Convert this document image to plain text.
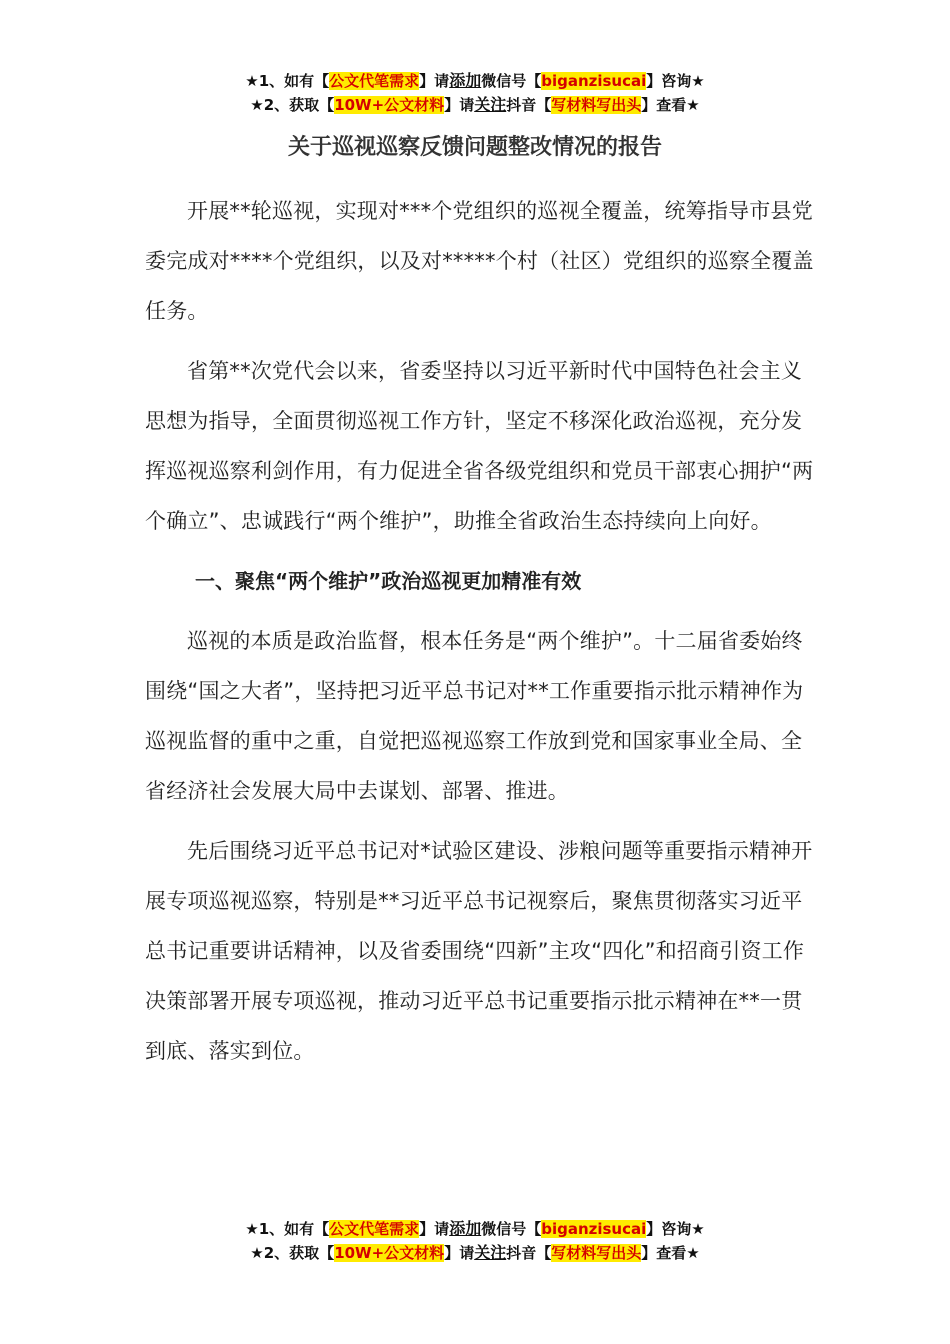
★1、如有【公文代笔需求】请添加微信号【biganzisucai】咨询★
★2、获取【10W+公文材料】请关注抖音【写材料写出头】查看★
关于巡视巡察反馈问题整改情况的报告

开展**轮巡视，实现对***个党组织的巡视全覆盖，统筹指导市县党委完成对****个党组织，以及对*****个村（社区）党组织的巡察全覆盖任务。

省第**次党代会以来，省委坚持以习近平新时代中国特色社会主义思想为指导，全面贯彻巡视工作方针，坚定不移深化政治巡视，充分发挥巡视巡察利剑作用，有力促进全省各级党组织和党员干部衷心拥护“两个确立”、忠诚践行“两个维护”，助推全省政治生态持续向上向好。

一、聚焦“两个维护”政治巡视更加精准有效

巡视的本质是政治监督，根本任务是“两个维护”。十二届省委始终围绕“国之大者”，坚持把习近平总书记对**工作重要指示批示精神作为巡视监督的重中之重，自觉把巡视巡察工作放到党和国家事业全局、全省经济社会发展大局中去谋划、部署、推进。

先后围绕习近平总书记对*试验区建设、涉粮问题等重要指示精神开展专项巡视巡察，特别是**习近平总书记视察后，聚焦贯彻落实习近平总书记重要讲话精神，以及省委围绕“四新”主攻“四化”和招商引资工作决策部署开展专项巡视，推动习近平总书记重要指示批示精神在**一贯到底、落实到位。

★1、如有【公文代笔需求】请添加微信号【biganzisucai】咨询★
★2、获取【10W+公文材料】请关注抖音【写材料写出头】查看★
